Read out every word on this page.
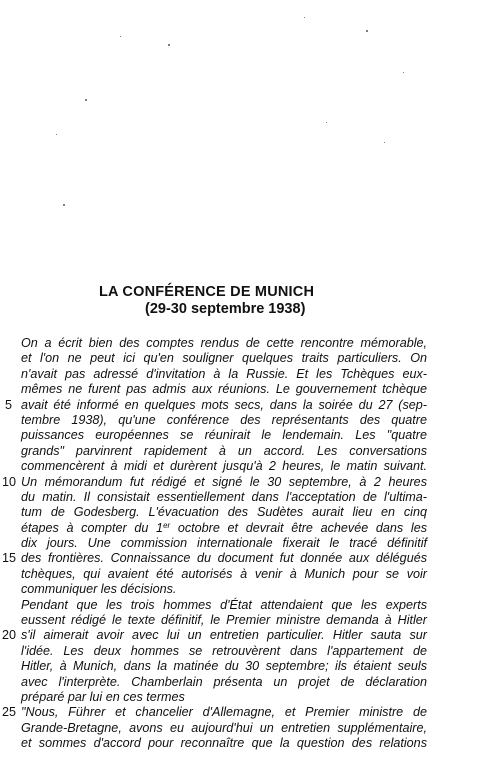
LA CONFÉRENCE DE MUNICH
(29-30 septembre 1938)
On a écrit bien des comptes rendus de cette rencontre mémorable,
et l'on ne peut ici qu'en souligner quelques traits particuliers. On
n'avait pas adressé d'invitation à la Russie. Et les Tchèques eux-
mêmes ne furent pas admis aux réunions. Le gouvernement tchèque
5 avait été informé en quelques mots secs, dans la soirée du 27 (sep-
tembre 1938), qu'une conférence des représentants des quatre
puissances européennes se réunirait le lendemain. Les "quatre
grands" parvinrent rapidement à un accord. Les conversations
commencèrent à midi et durèrent jusqu'à 2 heures, le matin suivant.
10 Un mémorandum fut rédigé et signé le 30 septembre, à 2 heures
du matin. Il consistait essentiellement dans l'acceptation de l'ultima-
tum de Godesberg. L'évacuation des Sudètes aurait lieu en cinq
étapes à compter du 1er octobre et devrait être achevée dans les
dix jours. Une commission internationale fixerait le tracé définitif
15 des frontières. Connaissance du document fut donnée aux délégués
tchèques, qui avaient été autorisés à venir à Munich pour se voir
communiquer les décisions.
Pendant que les trois hommes d'État attendaient que les experts
eussent rédigé le texte définitif, le Premier ministre demanda à Hitler
20 s'il aimerait avoir avec lui un entretien particulier. Hitler sauta sur
l'idée. Les deux hommes se retrouvèrent dans l'appartement de
Hitler, à Munich, dans la matinée du 30 septembre; ils étaient seuls
avec l'interprète. Chamberlain présenta un projet de déclaration
préparé par lui en ces termes
25 "Nous, Führer et chancelier d'Allemagne, et Premier ministre de
Grande-Bretagne, avons eu aujourd'hui un entretien supplémentaire,
et sommes d'accord pour reconnaître que la question des relations
